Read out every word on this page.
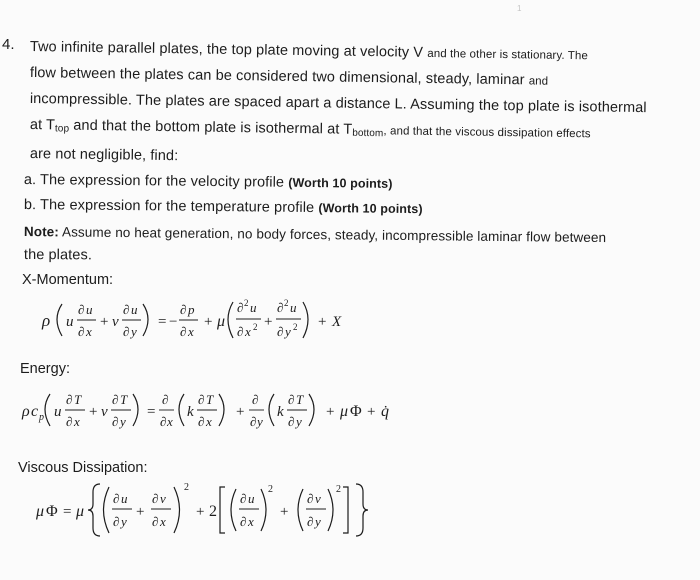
1
4. Two infinite parallel plates, the top plate moving at velocity V and the other is stationary. The
flow between the plates can be considered two dimensional, steady, laminar and
incompressible. The plates are spaced apart a distance L. Assuming the top plate is isothermal
at $T_{top}$ and that the bottom plate is isothermal at $T_{bottom}$, and that the viscous dissipation effects
are not negligible, find:
a. The expression for the velocity profile (Worth 10 points)
b. The expression for the temperature profile (Worth 10 points)
Note: Assume no heat generation, no body forces, steady, incompressible laminar flow between
the plates.
X-Momentum:
Energy:
Viscous Dissipation:
ρ u
∂ u
∂ x
+ v
∂ u
∂ y
= −
∂ p
∂ x
+ μ
∂ 2 u
∂ x 2 +
∂ 2 u
∂ y 2 + X
ρ c p u
∂ T
∂ x
+ v
∂ T
∂ y
=
∂
∂ x
k
∂ T
∂ x
+
∂
∂ y
k
∂ T
∂ y
+ μ Φ + q̇
μ Φ = μ
∂ u
∂ y
+
∂ v
∂ x
2
+ 2
∂ u
∂ x
2
+
∂ v
∂ y
2
